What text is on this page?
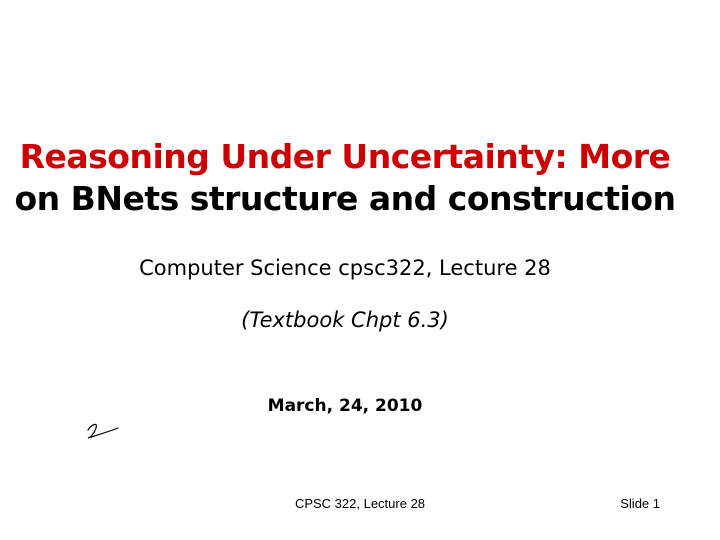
Reasoning Under Uncertainty: More
on BNets structure and construction
Computer Science cpsc322, Lecture 28
(Textbook Chpt 6.3)
March, 24, 2010
CPSC 322, Lecture 28	Slide 1
